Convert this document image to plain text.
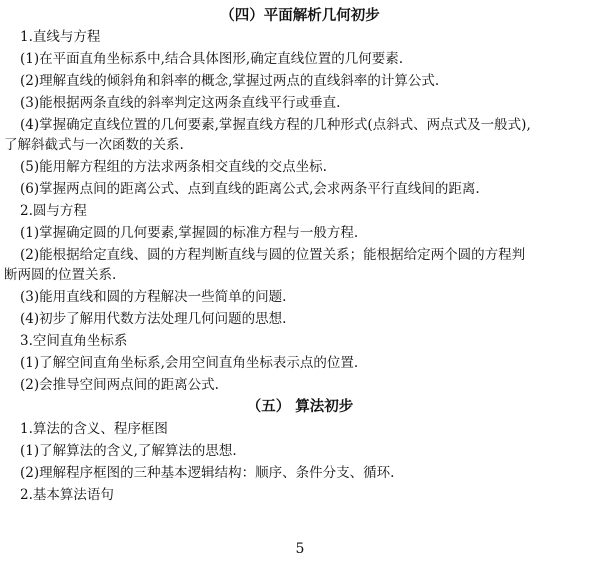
（四）平面解析几何初步
1.直线与方程
(1)在平面直角坐标系中,结合具体图形,确定直线位置的几何要素.
(2)理解直线的倾斜角和斜率的概念,掌握过两点的直线斜率的计算公式.
(3)能根据两条直线的斜率判定这两条直线平行或垂直.
(4)掌握确定直线位置的几何要素,掌握直线方程的几种形式(点斜式、两点式及一般式),
了解斜截式与一次函数的关系.
(5)能用解方程组的方法求两条相交直线的交点坐标.
(6)掌握两点间的距离公式、点到直线的距离公式,会求两条平行直线间的距离.
2.圆与方程
(1)掌握确定圆的几何要素,掌握圆的标准方程与一般方程.
(2)能根据给定直线、圆的方程判断直线与圆的位置关系；能根据给定两个圆的方程判
断两圆的位置关系.
(3)能用直线和圆的方程解决一些简单的问题.
(4)初步了解用代数方法处理几何问题的思想.
3.空间直角坐标系
(1)了解空间直角坐标系,会用空间直角坐标表示点的位置.
(2)会推导空间两点间的距离公式.
（五） 算法初步
1.算法的含义、程序框图
(1)了解算法的含义,了解算法的思想.
(2)理解程序框图的三种基本逻辑结构：顺序、条件分支、循环.
2.基本算法语句
5
